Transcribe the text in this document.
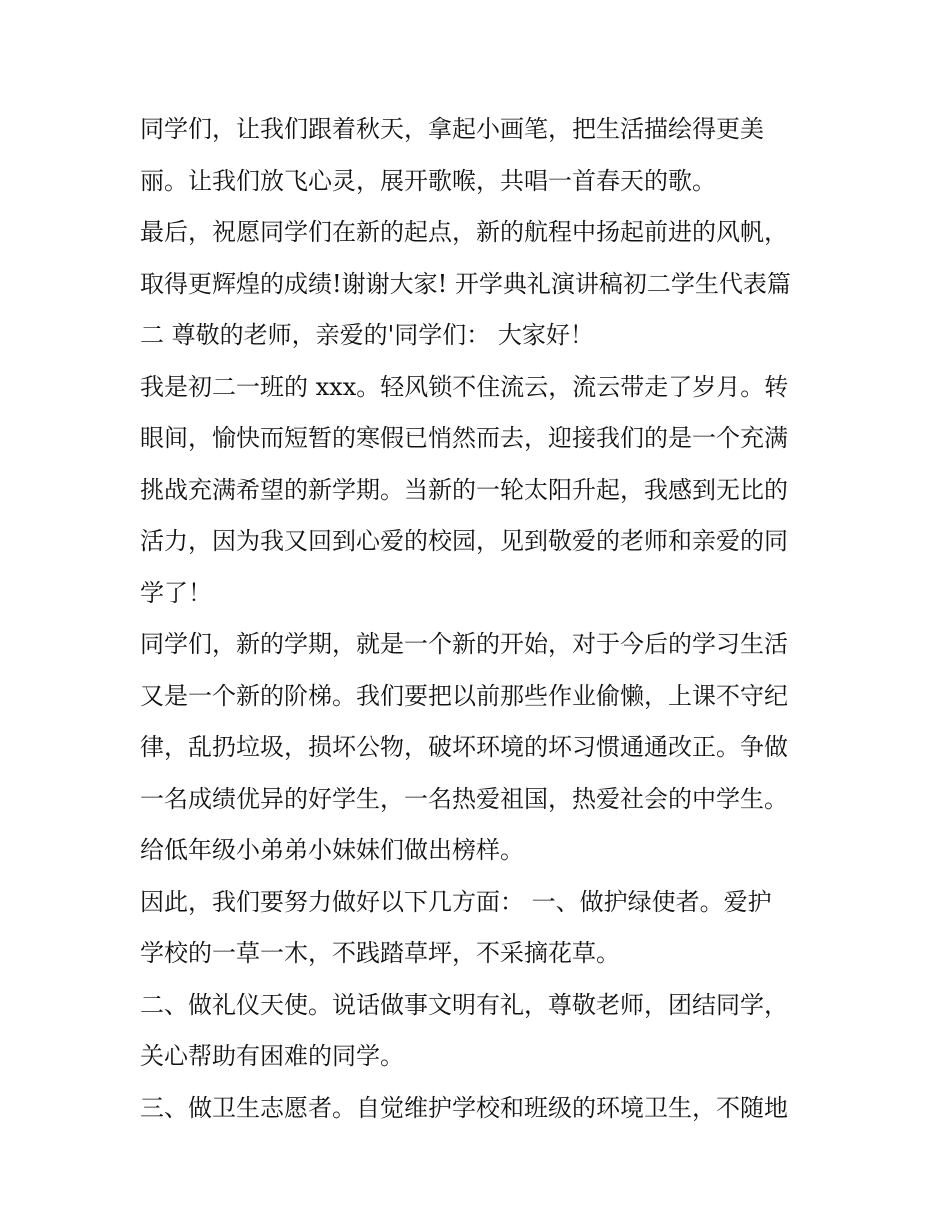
同学们，让我们跟着秋天，拿起小画笔，把生活描绘得更美
丽。让我们放飞心灵，展开歌喉，共唱一首春天的歌。
最后，祝愿同学们在新的起点，新的航程中扬起前进的风帆，
取得更辉煌的成绩!谢谢大家! 开学典礼演讲稿初二学生代表篇
二 尊敬的老师，亲爱的'同学们： 大家好！
我是初二一班的 xxx。轻风锁不住流云，流云带走了岁月。转
眼间，愉快而短暂的寒假已悄然而去，迎接我们的是一个充满
挑战充满希望的新学期。当新的一轮太阳升起，我感到无比的
活力，因为我又回到心爱的校园，见到敬爱的老师和亲爱的同
学了！
同学们，新的学期，就是一个新的开始，对于今后的学习生活
又是一个新的阶梯。我们要把以前那些作业偷懒，上课不守纪
律，乱扔垃圾，损坏公物，破坏环境的坏习惯通通改正。争做
一名成绩优异的好学生，一名热爱祖国，热爱社会的中学生。
给低年级小弟弟小妹妹们做出榜样。
因此，我们要努力做好以下几方面： 一、做护绿使者。爱护
学校的一草一木，不践踏草坪，不采摘花草。
二、做礼仪天使。说话做事文明有礼，尊敬老师，团结同学，
关心帮助有困难的同学。
三、做卫生志愿者。自觉维护学校和班级的环境卫生，不随地
